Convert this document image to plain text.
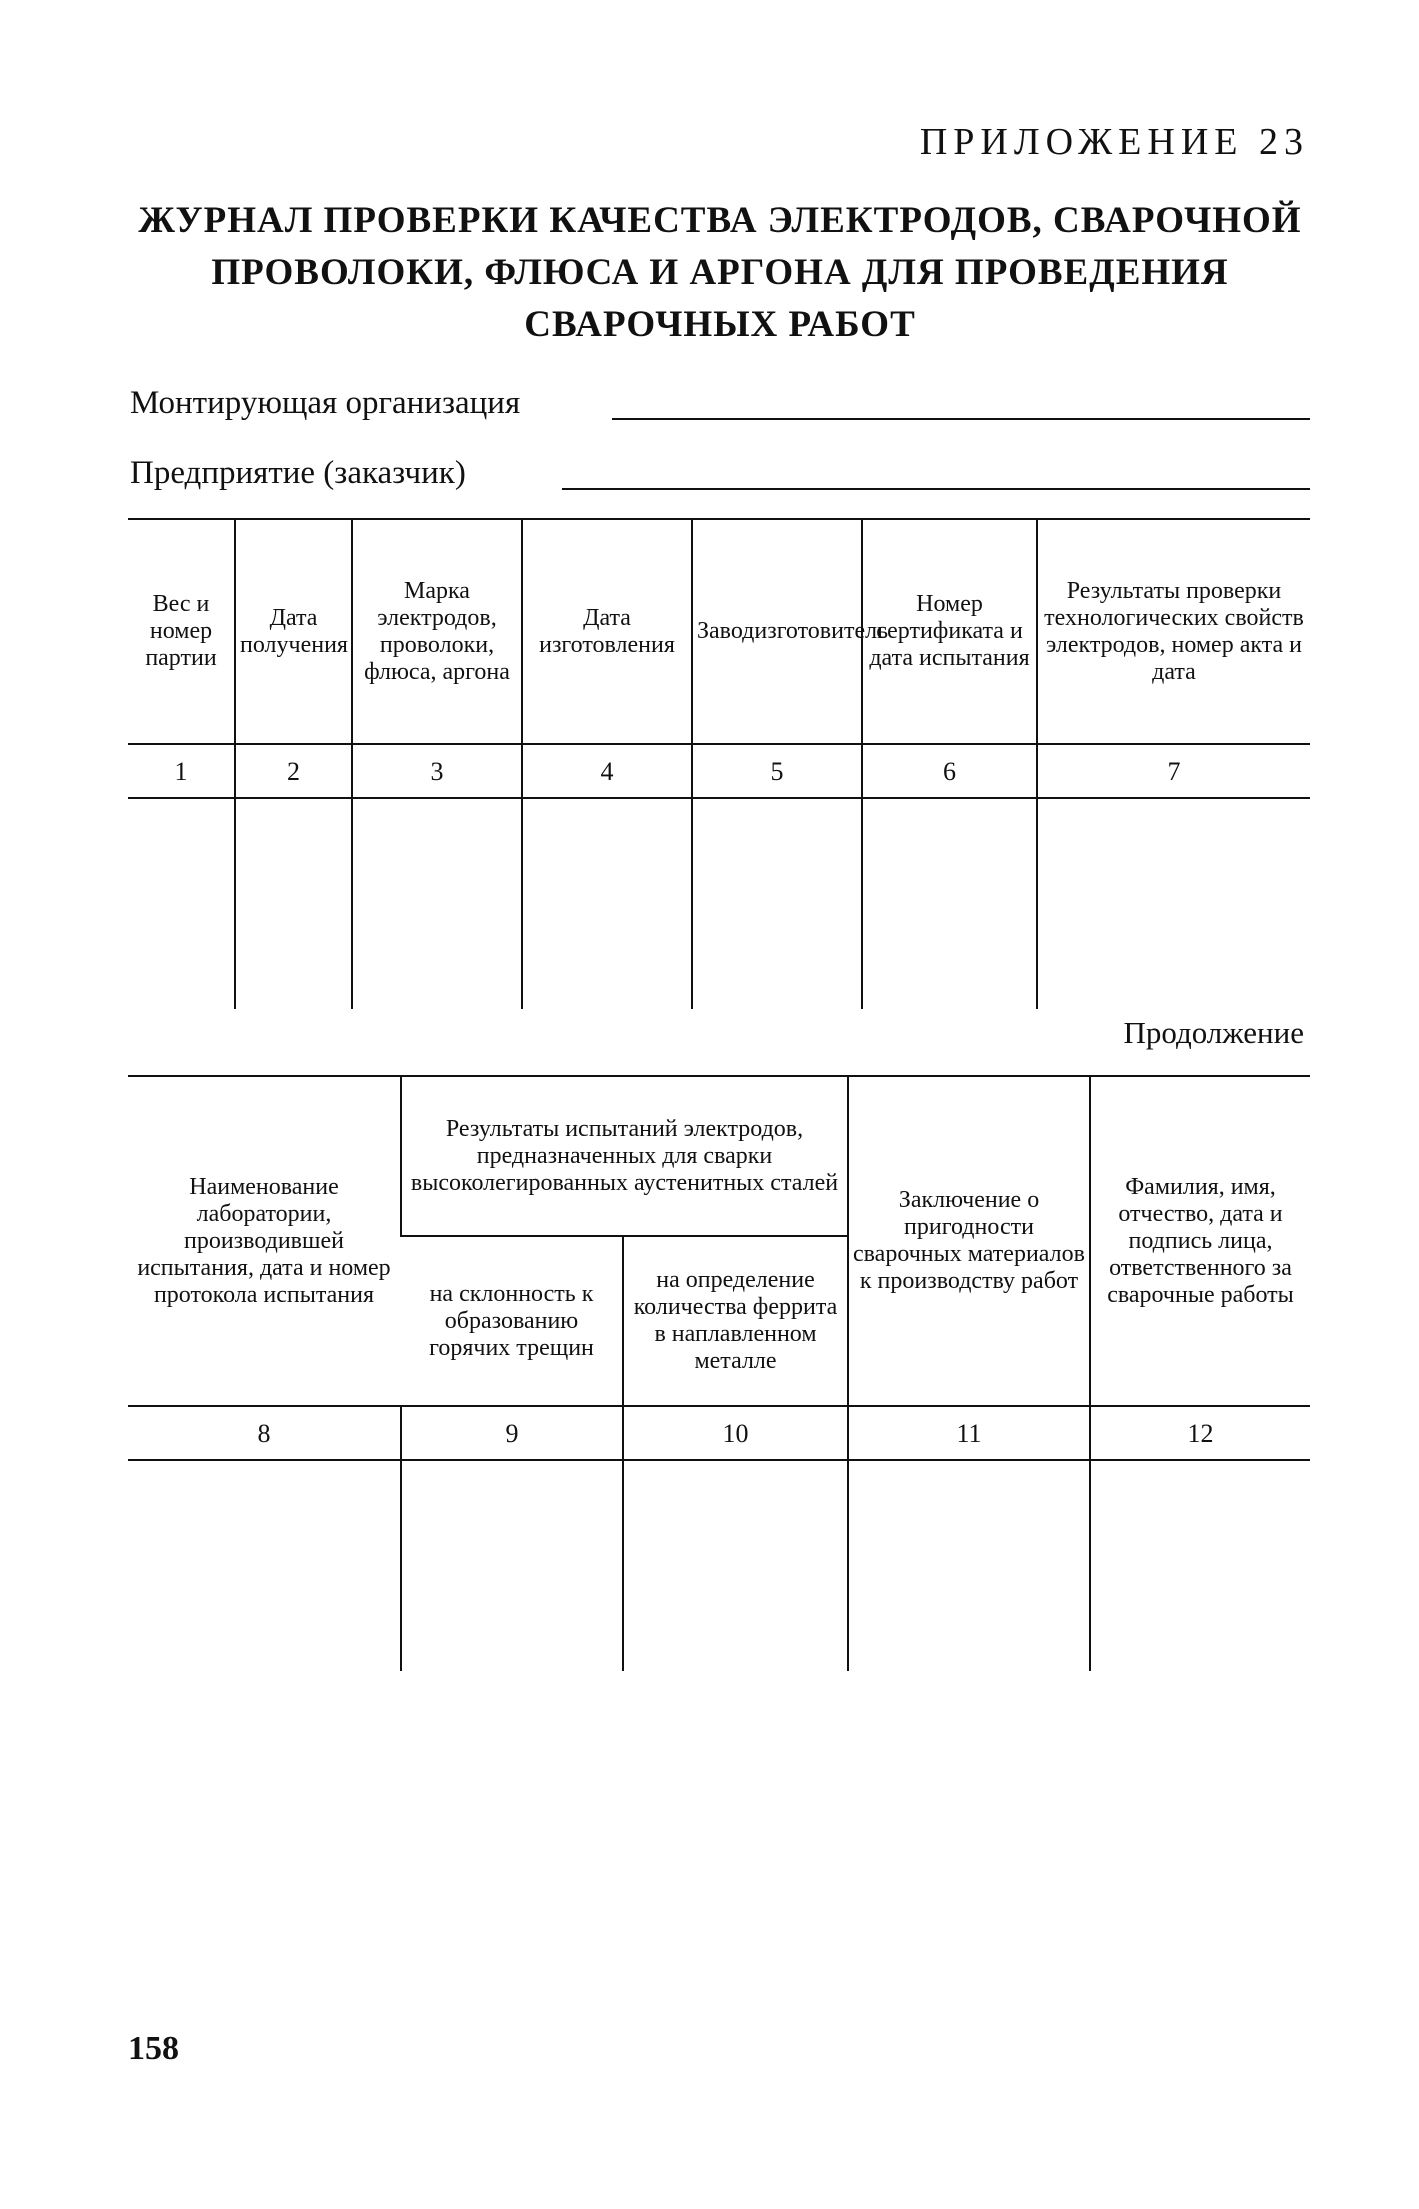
ПРИЛОЖЕНИЕ 23
ЖУРНАЛ ПРОВЕРКИ КАЧЕСТВА ЭЛЕКТРОДОВ, СВАРОЧНОЙ
ПРОВОЛОКИ, ФЛЮСА И АРГОНА ДЛЯ ПРОВЕДЕНИЯ
СВАРОЧНЫХ РАБОТ
Монтирующая организация
Предприятие (заказчик)
Вес и номер партии	Дата получения	Марка электродов, проволоки, флюса, аргона	Дата изготовления	Заводизготовитель	Номер сертификата и дата испытания	Результаты проверки технологических свойств электродов, номер акта и дата
1	2	3	4	5	6	7

Продолжение
Наименование лаборатории, производившей испытания, дата и номер протокола испытания	Результаты испытаний электродов, предназначенных для сварки высоколегированных аустенитных сталей		Заключение о пригодности сварочных материалов к производству работ	Фамилия, имя, отчество, дата и подпись лица, ответственного за сварочные работы
	на склонность к образованию горячих трещин	на определение количества феррита в наплавленном металле		
8	9	10	11	12

158
